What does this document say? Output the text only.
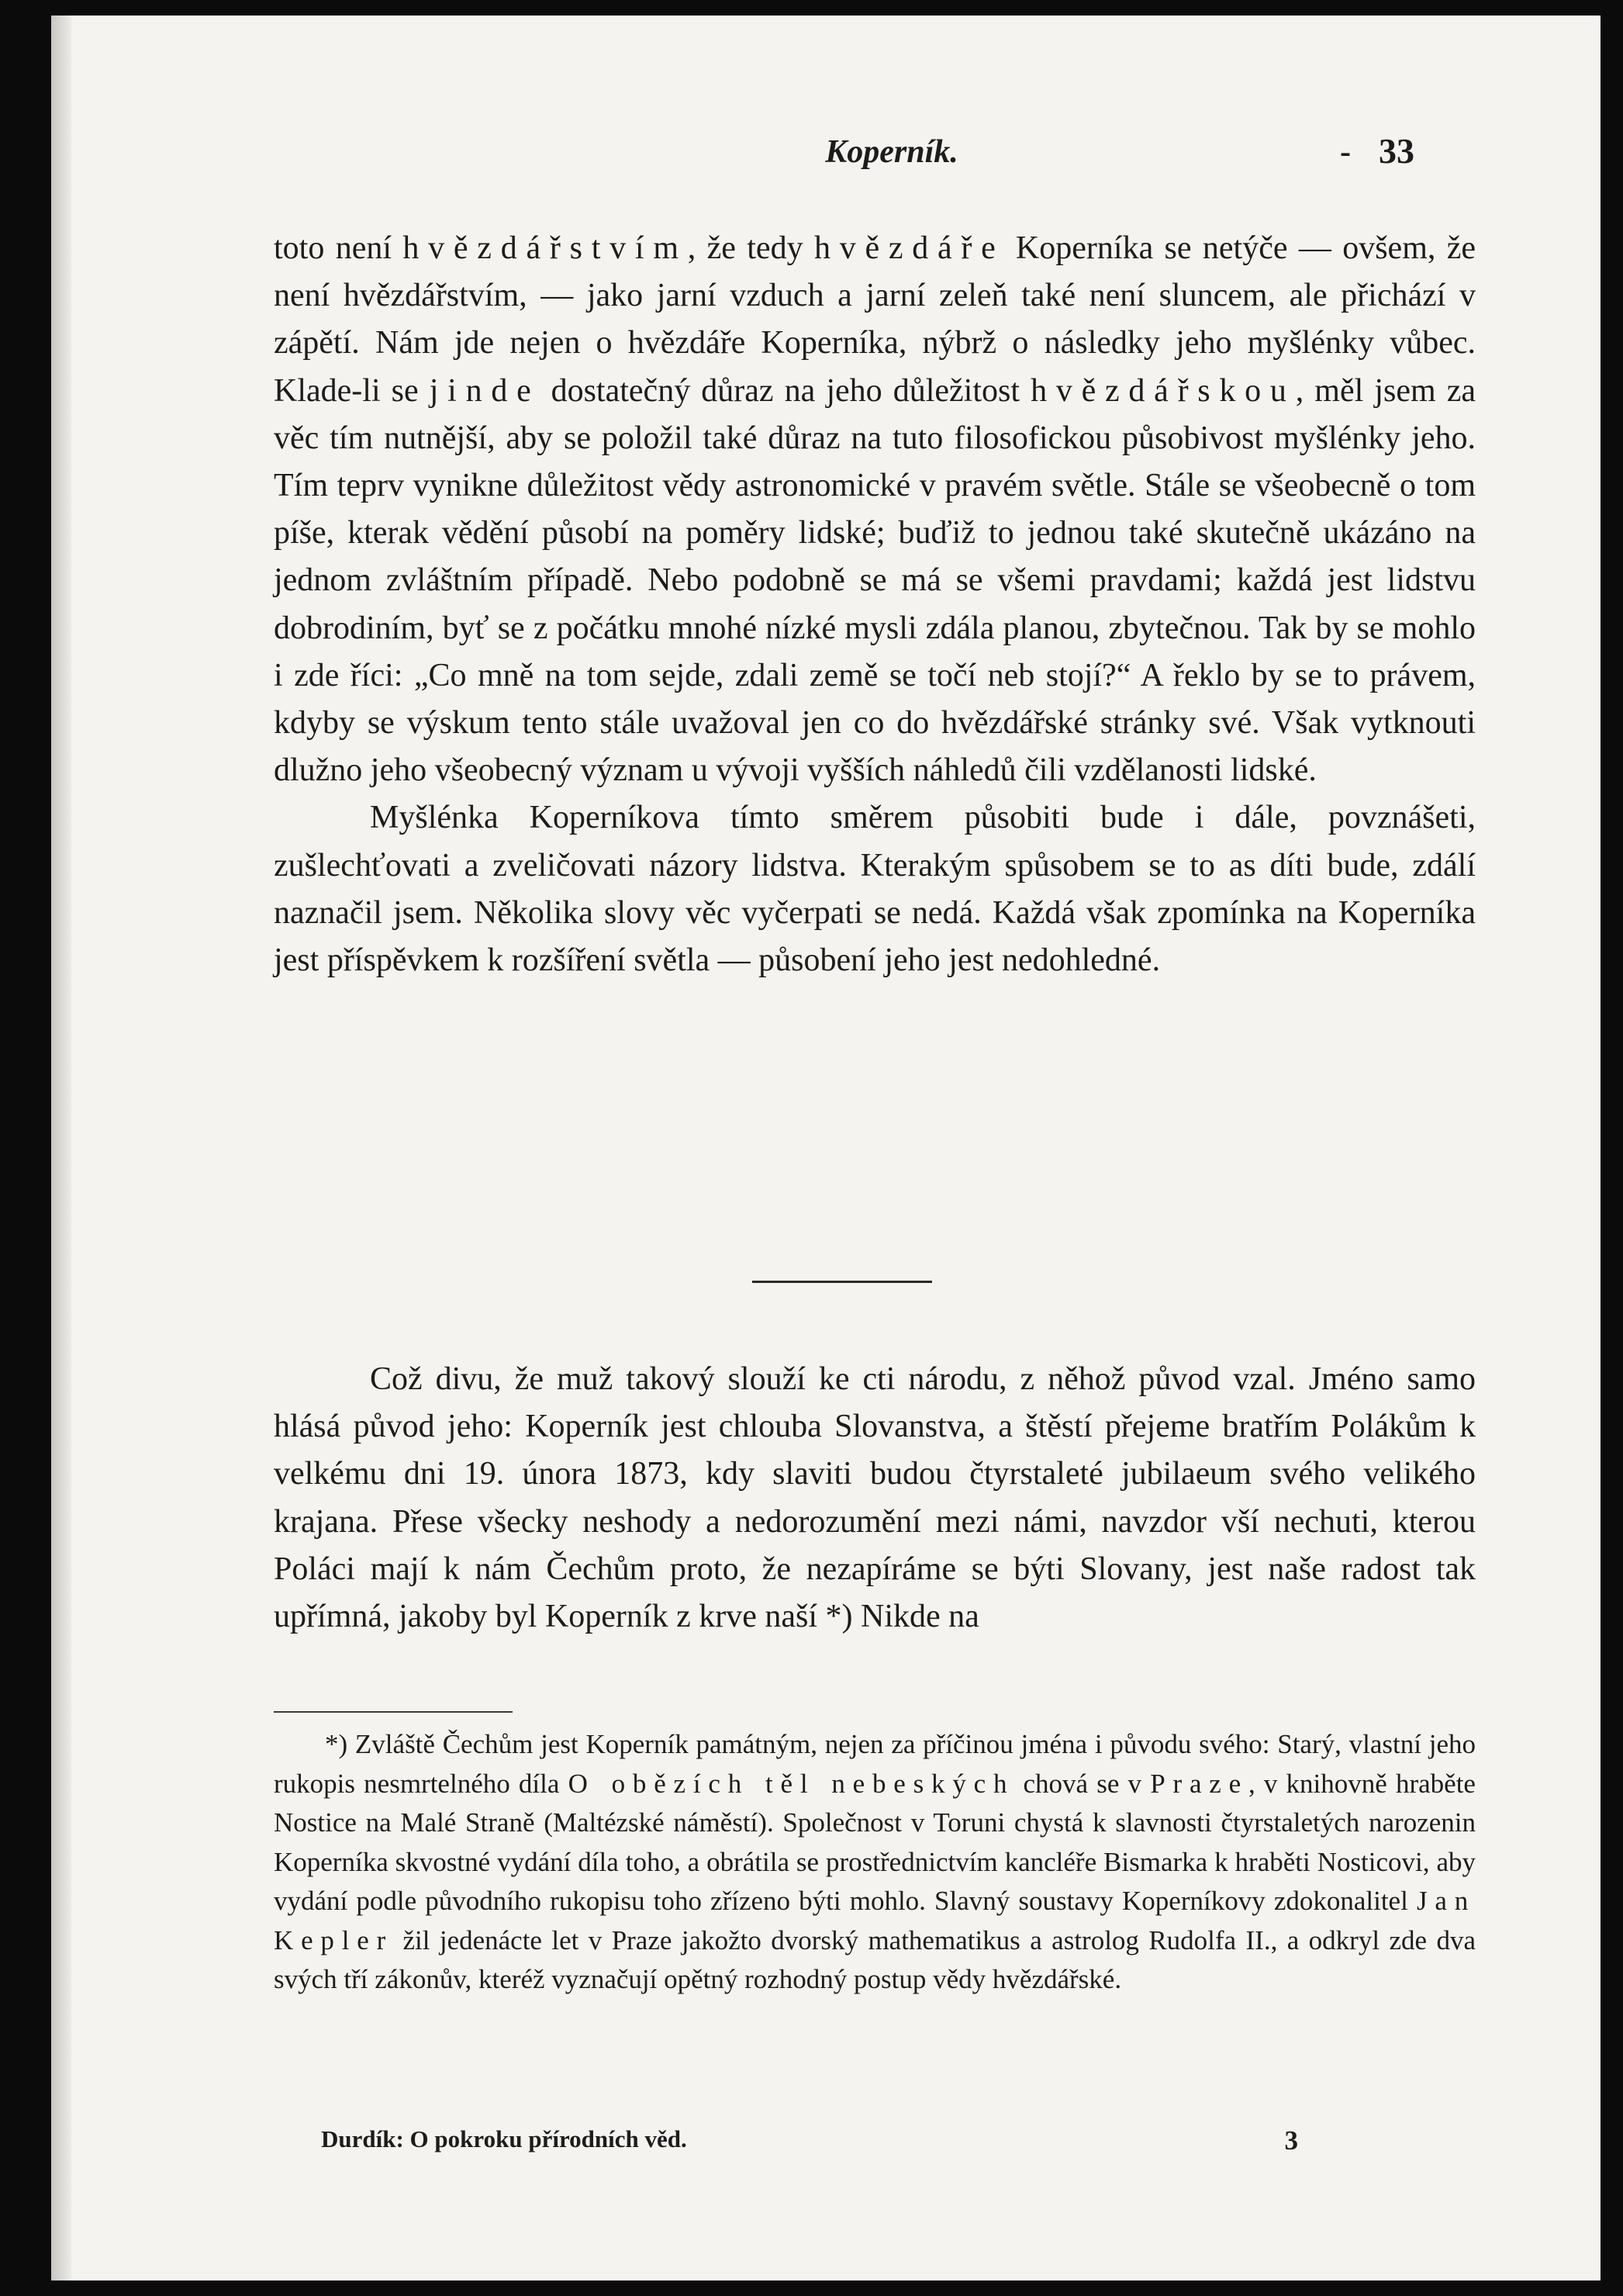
Koperník.	- 33

toto není hvězdářstvím, že tedy hvězdáře Koperníka se netýče — ovšem, že není hvězdářstvím, — jako jarní vzduch a jarní zeleň také není sluncem, ale přichází v zápětí. Nám jde nejen o hvězdáře Koperníka, nýbrž o následky jeho myšlénky vůbec. Klade-li se jinde dostatečný důraz na jeho důležitost hvězdářskou, měl jsem za věc tím nutnější, aby se položil také důraz na tuto filosofickou působivost myšlénky jeho. Tím teprv vynikne důležitost vědy astronomické v pravém světle. Stále se všeobecně o tom píše, kterak vědění působí na poměry lidské; buďiž to jednou také skutečně ukázáno na jednom zvláštním případě. Nebo podobně se má se všemi pravdami; každá jest lidstvu dobrodiním, byť se z počátku mnohé nízké mysli zdála planou, zbytečnou. Tak by se mohlo i zde říci: „Co mně na tom sejde, zdali země se točí neb stojí?“ A řeklo by se to právem, kdyby se výskum tento stále uvažoval jen co do hvězdářské stránky své. Však vytknouti dlužno jeho všeobecný význam u vývoji vyšších náhledů čili vzdělanosti lidské.

Myšlénka Koperníkova tímto směrem působiti bude i dále, povznášeti, zušlechťovati a zveličovati názory lidstva. Kterakým spůsobem se to as díti bude, zdálí naznačil jsem. Několika slovy věc vyčerpati se nedá. Každá však zpomínka na Koperníka jest příspěvkem k rozšíření světla — působení jeho jest nedohledné.

Což divu, že muž takový slouží ke cti národu, z něhož původ vzal. Jméno samo hlásá původ jeho: Koperník jest chlouba Slovanstva, a štěstí přejeme bratřím Polákům k velkému dni 19. února 1873, kdy slaviti budou čtyrstaleté jubilaeum svého velikého krajana. Přese všecky neshody a nedorozumění mezi námi, navzdor vší nechuti, kterou Poláci mají k nám Čechům proto, že nezapíráme se býti Slovany, jest naše radost tak upřímná, jakoby byl Koperník z krve naší *) Nikde na

*) Zvláště Čechům jest Koperník památným, nejen za příčinou jména i původu svého: Starý, vlastní jeho rukopis nesmrtelného díla O obězích těl nebeských chová se v Praze, v knihovně hraběte Nostice na Malé Straně (Maltézské náměstí). Společnost v Toruni chystá k slavnosti čtyrstaletých narozenin Koperníka skvostné vydání díla toho, a obrátila se prostřednictvím kancléře Bismarka k hraběti Nosticovi, aby vydání podle původního rukopisu toho zřízeno býti mohlo. Slavný soustavy Koperníkovy zdokonalitel Jan Kepler žil jedenácte let v Praze jakožto dvorský mathematikus a astrolog Rudolfa II., a odkryl zde dva svých tří zákonův, kteréž vyznačují opětný rozhodný postup vědy hvězdářské.

Durdík: O pokroku přírodních věd.	3
